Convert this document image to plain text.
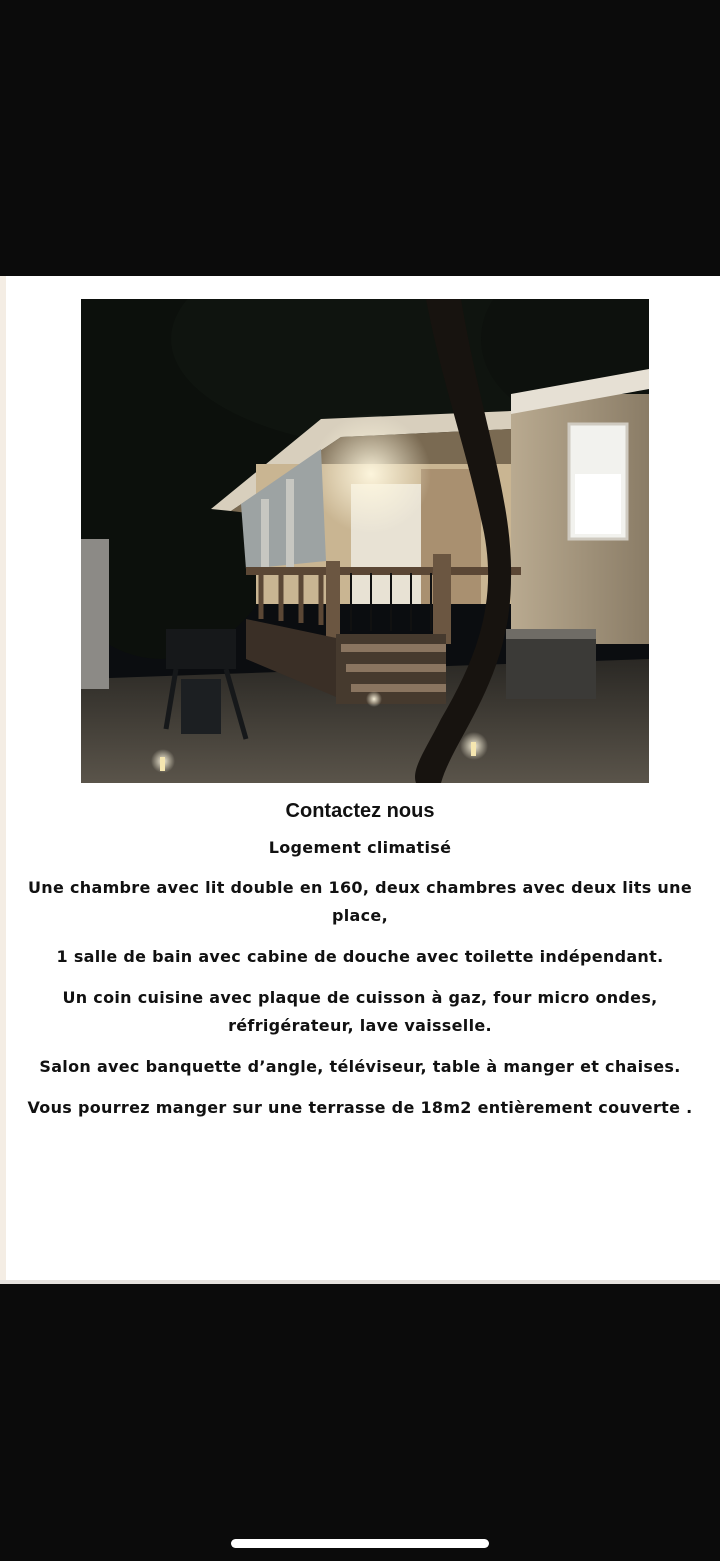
Contactez nous
Logement climatisé
Une chambre avec lit double en 160, deux chambres avec deux lits une place,
1 salle de bain avec cabine de douche avec toilette indépendant.
Un coin cuisine avec plaque de cuisson à gaz, four micro ondes, réfrigérateur, lave vaisselle.
Salon avec banquette d’angle, téléviseur, table à manger et chaises.
Vous pourrez manger sur une terrasse de 18m2 entièrement couverte .
